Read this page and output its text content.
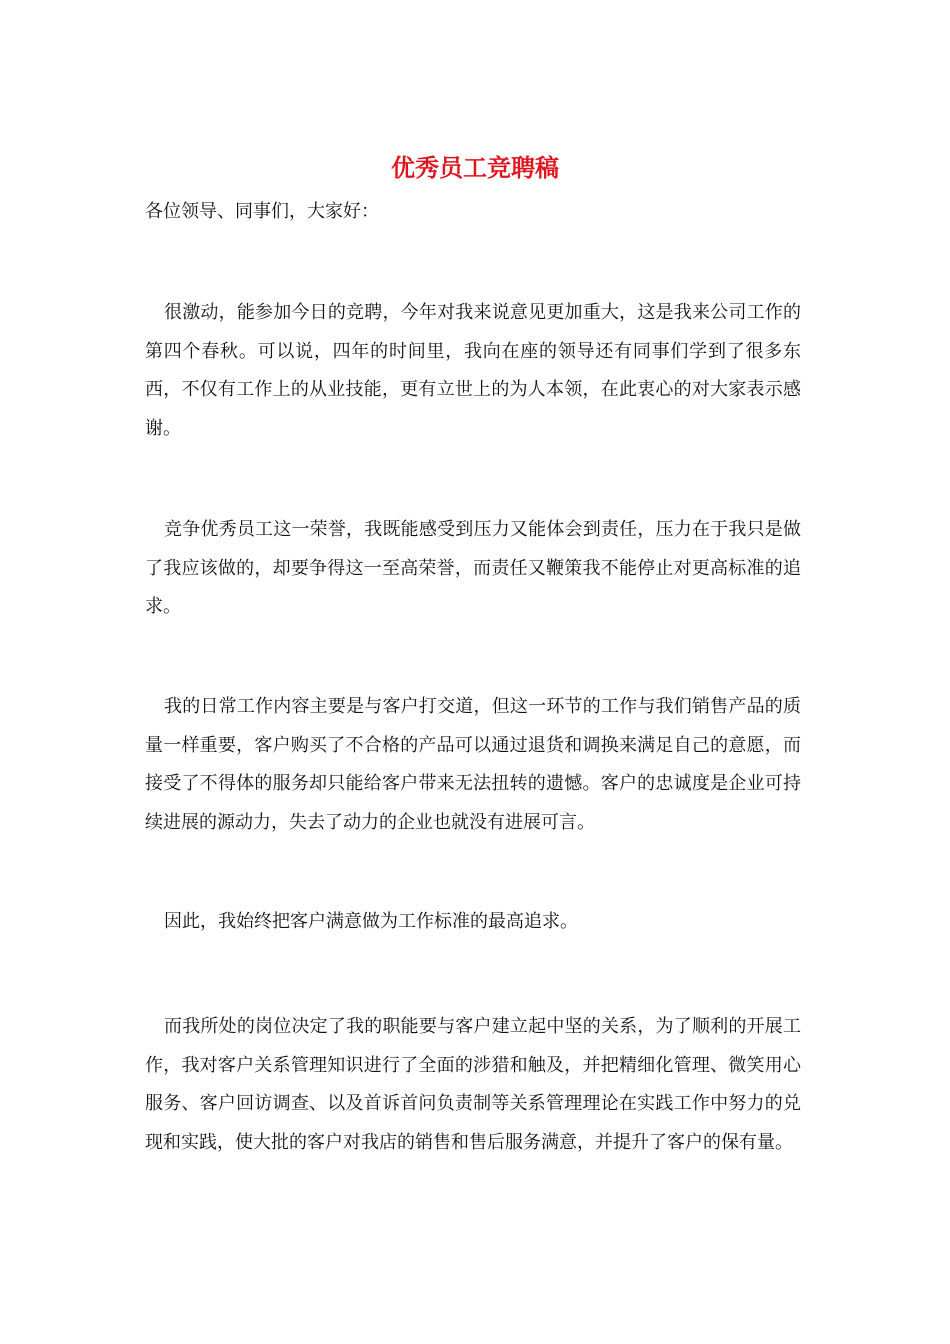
优秀员工竞聘稿

各位领导、同事们，大家好：

很激动，能参加今日的竞聘，今年对我来说意见更加重大，这是我来公司工作的第四个春秋。可以说，四年的时间里，我向在座的领导还有同事们学到了很多东西，不仅有工作上的从业技能，更有立世上的为人本领，在此衷心的对大家表示感谢。

竞争优秀员工这一荣誉，我既能感受到压力又能体会到责任，压力在于我只是做了我应该做的，却要争得这一至高荣誉，而责任又鞭策我不能停止对更高标准的追求。

我的日常工作内容主要是与客户打交道，但这一环节的工作与我们销售产品的质量一样重要，客户购买了不合格的产品可以通过退货和调换来满足自己的意愿，而接受了不得体的服务却只能给客户带来无法扭转的遗憾。客户的忠诚度是企业可持续进展的源动力，失去了动力的企业也就没有进展可言。

因此，我始终把客户满意做为工作标准的最高追求。

而我所处的岗位决定了我的职能要与客户建立起中坚的关系，为了顺利的开展工作，我对客户关系管理知识进行了全面的涉猎和触及，并把精细化管理、微笑用心服务、客户回访调查、以及首诉首问负责制等关系管理理论在实践工作中努力的兑现和实践，使大批的客户对我店的销售和售后服务满意，并提升了客户的保有量。
